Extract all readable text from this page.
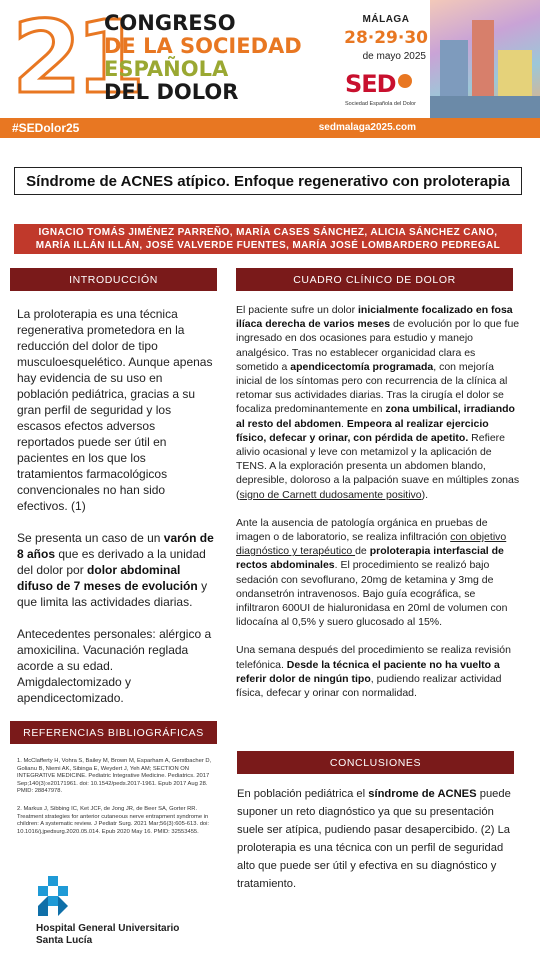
21
CONGRESO
DE LA SOCIEDAD
ESPAÑOLA
DEL DOLOR
MÁLAGA
28·29·30
de mayo 2025
SED
Sociedad Española del Dolor
#SEDolor25	sedmalaga2025.com
Síndrome de ACNES atípico. Enfoque regenerativo con proloterapia
IGNACIO TOMÁS JIMÉNEZ PARREÑO, MARÍA CASES SÁNCHEZ, ALICIA SÁNCHEZ CANO, MARÍA ILLÁN ILLÁN, JOSÉ VALVERDE FUENTES, MARÍA JOSÉ LOMBARDERO PEDREGAL
INTRODUCCIÓN	CUADRO CLÍNICO DE DOLOR
REFERENCIAS BIBLIOGRÁFICAS
CONCLUSIONES

La proloterapia es una técnica regenerativa prometedora en la reducción del dolor de tipo musculoesquelético. Aunque apenas hay evidencia de su uso en población pediátrica, gracias a su gran perfil de seguridad y los escasos efectos adversos reportados puede ser útil en pacientes en los que los tratamientos farmacológicos convencionales no han sido efectivos. (1)

Se presenta un caso de un varón de 8 años que es derivado a la unidad del dolor por dolor abdominal difuso de 7 meses de evolución y que limita las actividades diarias.

Antecedentes personales: alérgico a amoxicilina. Vacunación reglada acorde a su edad. Amigdalectomizado y apendicectomizado.

El paciente sufre un dolor inicialmente focalizado en fosa ilíaca derecha de varios meses de evolución por lo que fue ingresado en dos ocasiones para estudio y manejo analgésico. Tras no establecer organicidad clara es sometido a apendicectomía programada, con mejoría inicial de los síntomas pero con recurrencia de la clínica al retomar sus actividades diarias. Tras la cirugía el dolor se focaliza predominantemente en zona umbilical, irradiando al resto del abdomen. Empeora al realizar ejercicio físico, defecar y orinar, con pérdida de apetito. Refiere alivio ocasional y leve con metamizol y la aplicación de TENS. A la exploración presenta un abdomen blando, depresible, doloroso a la palpación suave en múltiples zonas (signo de Carnett dudosamente positivo).

Ante la ausencia de patología orgánica en pruebas de imagen o de laboratorio, se realiza infiltración con objetivo diagnóstico y terapéutico de proloterapia interfascial de rectos abdominales. El procedimiento se realizó bajo sedación con sevoflurano, 20mg de ketamina y 3mg de ondansetrón intravenosos. Bajo guía ecográfica, se infiltraron 600UI de hialuronidasa en 20ml de volumen con lidocaína al 0,5% y suero glucosado al 15%.

Una semana después del procedimiento se realiza revisión telefónica. Desde la técnica el paciente no ha vuelto a referir dolor de ningún tipo, pudiendo realizar actividad física, defecar y orinar con normalidad.

1. McClafferty H, Vohra S, Bailey M, Brown M, Esparham A, Gerstbacher D, Golianu B, Niemi AK, Sibinga E, Weydert J, Yeh AM; SECTION ON INTEGRATIVE MEDICINE. Pediatric Integrative Medicine. Pediatrics. 2017 Sep;140(3):e20171961. doi: 10.1542/peds.2017-1961. Epub 2017 Aug 28. PMID: 28847978.

2. Markus J, Sibbing IC, Ket JCF, de Jong JR, de Beer SA, Gorter RR. Treatment strategies for anterior cutaneous nerve entrapment syndrome in children: A systematic review. J Pediatr Surg. 2021 Mar;56(3):605-613. doi: 10.1016/j.jpedsurg.2020.05.014. Epub 2020 May 16. PMID: 32553455.

En población pediátrica el síndrome de ACNES puede suponer un reto diagnóstico ya que su presentación suele ser atípica, pudiendo pasar desapercibido. (2) La proloterapia es una técnica con un perfil de seguridad alto que puede ser útil y efectiva en su diagnóstico y tratamiento.

Hospital General Universitario
Santa Lucía
